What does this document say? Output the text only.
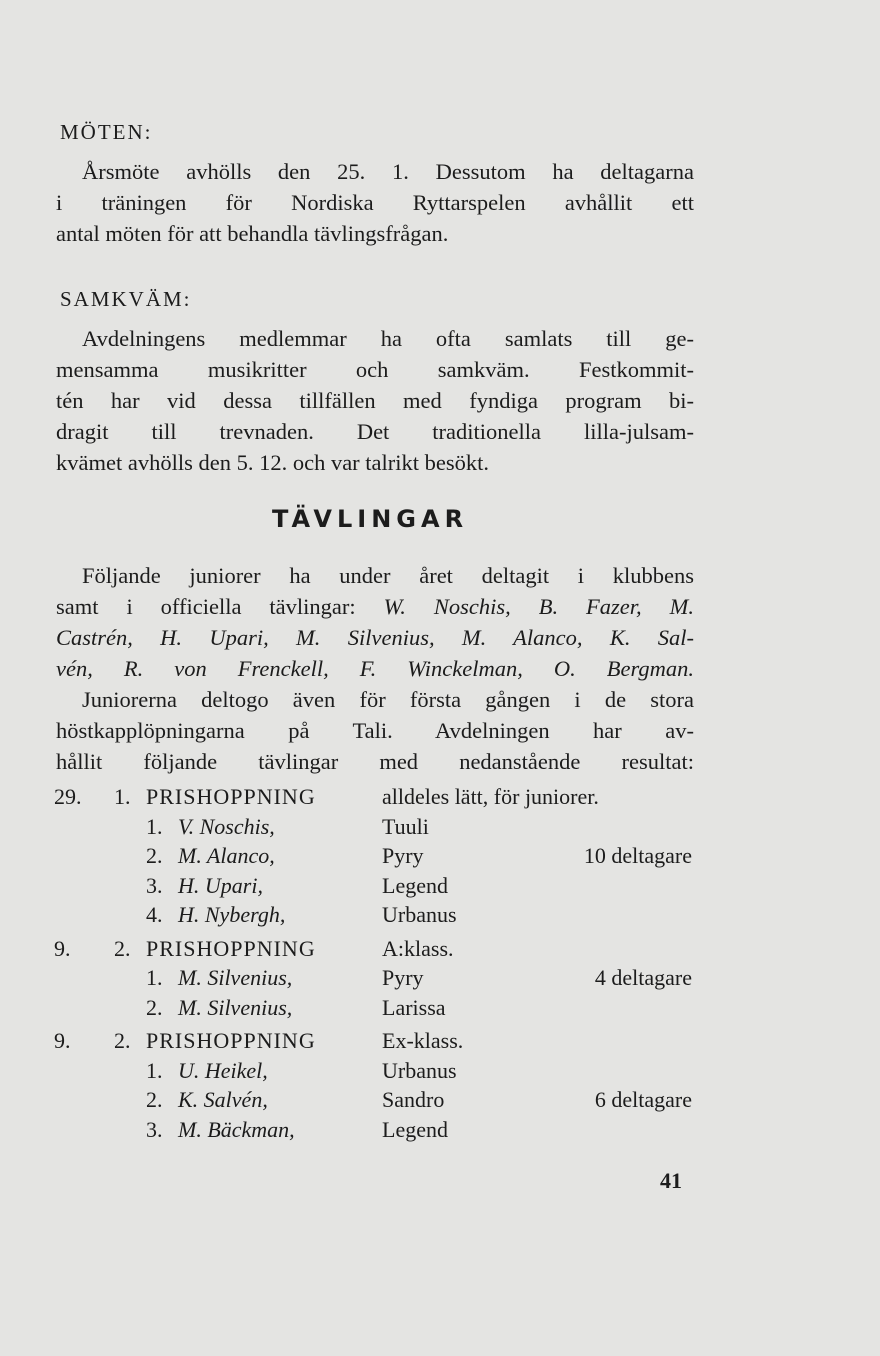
MÖTEN:
Årsmöte avhölls den 25. 1. Dessutom ha deltagarna
i träningen för Nordiska Ryttarspelen avhållit ett
antal möten för att behandla tävlingsfrågan.
SAMKVÄM:
Avdelningens medlemmar ha ofta samlats till ge-
mensamma musikritter och samkväm. Festkommit-
tén har vid dessa tillfällen med fyndiga program bi-
dragit till trevnaden. Det traditionella lilla-julsam-
kvämet avhölls den 5. 12. och var talrikt besökt.
TÄVLINGAR
Följande juniorer ha under året deltagit i klubbens
samt i officiella tävlingar: W. Noschis, B. Fazer, M.
Castrén, H. Upari, M. Silvenius, M. Alanco, K. Sal-
vén, R. von Frenckell, F. Winckelman, O. Bergman.
Juniorerna deltogo även för första gången i de stora
höstkapplöpningarna på Tali. Avdelningen har av-
hållit följande tävlingar med nedanstående resultat:
29. 1. PRISHOPPNING	alldeles lätt, för juniorer.
1. V. Noschis,	Tuuli
2. M. Alanco,	Pyry	10 deltagare
3. H. Upari,	Legend
4. H. Nybergh,	Urbanus
9. 2. PRISHOPPNING	A:klass.
1. M. Silvenius,	Pyry	4 deltagare
2. M. Silvenius,	Larissa
9. 2. PRISHOPPNING	Ex-klass.
1. U. Heikel,	Urbanus
2. K. Salvén,	Sandro	6 deltagare
3. M. Bäckman,	Legend
41
